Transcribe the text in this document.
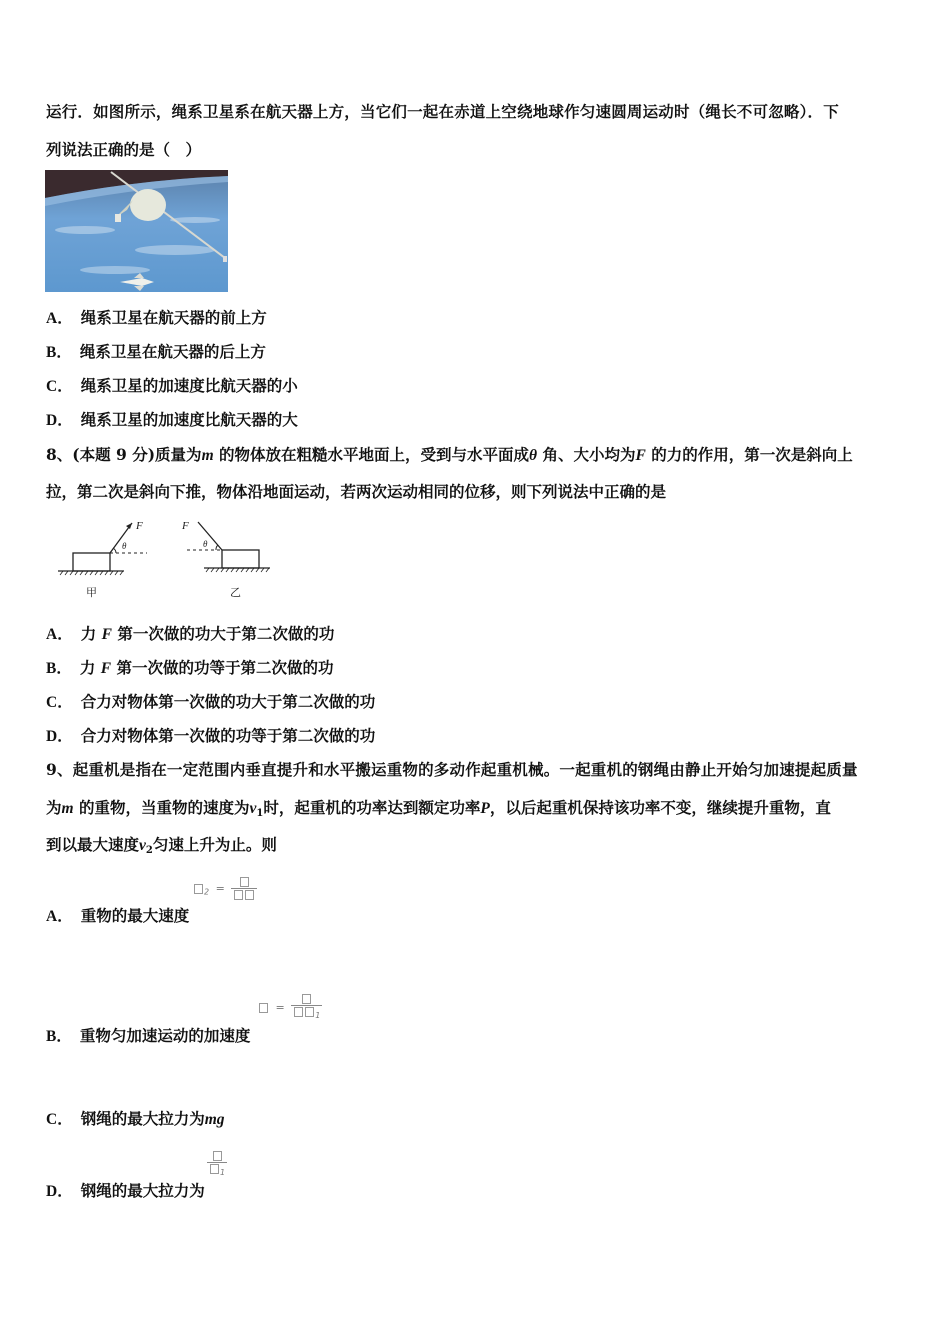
运行．如图所示，绳系卫星系在航天器上方，当它们一起在赤道上空绕地球作匀速圆周运动时（绳长不可忽略）．下
列说法正确的是（　）
A． 绳系卫星在航天器的前上方
B． 绳系卫星在航天器的后上方
C． 绳系卫星的加速度比航天器的小
D． 绳系卫星的加速度比航天器的大
8、(本题 9 分)质量为m 的物体放在粗糙水平地面上，受到与水平面成θ 角、大小均为F 的力的作用，第一次是斜向上
拉，第二次是斜向下推，物体沿地面运动，若两次运动相同的位移，则下列说法中正确的是
F
θ
F
θ
甲	乙
A． 力 F 第一次做的功大于第二次做的功
B． 力 F 第一次做的功等于第二次做的功
C． 合力对物体第一次做的功大于第二次做的功
D． 合力对物体第一次做的功等于第二次做的功
9、起重机是指在一定范围内垂直提升和水平搬运重物的多动作起重机械。一起重机的钢绳由静止开始匀加速提起质量
为m 的重物，当重物的速度为$v_1$时，起重机的功率达到额定功率P，以后起重机保持该功率不变，继续提升重物，直
到以最大速度$v_2$匀速上升为止。则
$_2$ =
A． 重物的最大速度
=
$_1$
B． 重物匀加速运动的加速度
C． 钢绳的最大拉力为mg
$_1$
D． 钢绳的最大拉力为
